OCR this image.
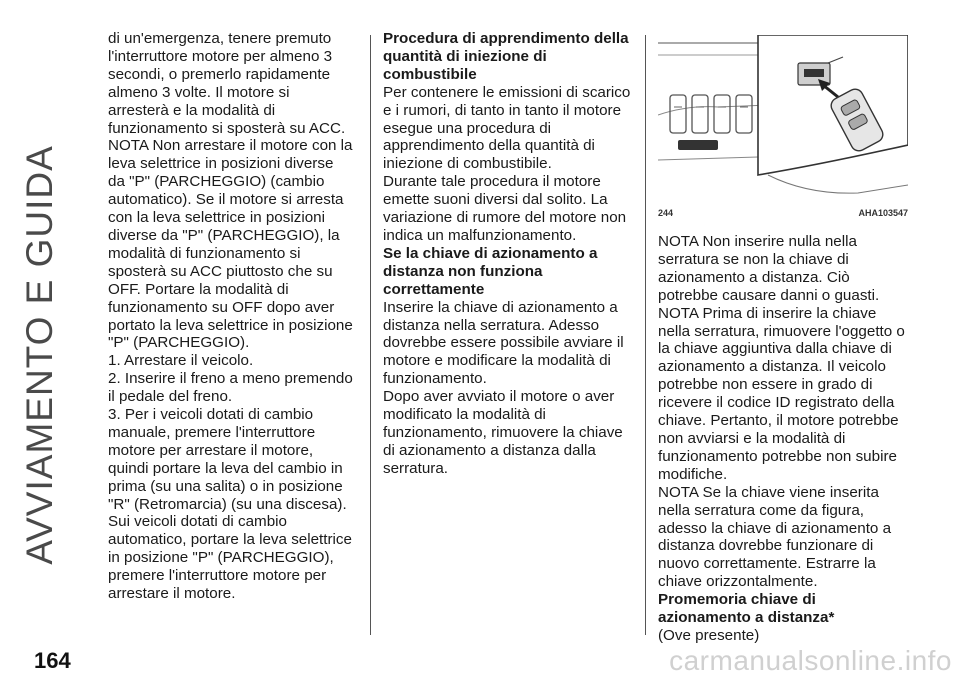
AVVIAMENTO E GUIDA

di un'emergenza, tenere premuto l'interruttore motore per almeno 3 secondi, o premerlo rapidamente almeno 3 volte. Il motore si arresterà e la modalità di funzionamento si sposterà su ACC.

NOTA Non arrestare il motore con la leva selettrice in posizioni diverse da "P" (PARCHEGGIO) (cambio automatico). Se il motore si arresta con la leva selettrice in posizioni diverse da "P" (PARCHEGGIO), la modalità di funzionamento si sposterà su ACC piuttosto che su OFF. Portare la modalità di funzionamento su OFF dopo aver portato la leva selettrice in posizione "P" (PARCHEGGIO).

1. Arrestare il veicolo.

2. Inserire il freno a meno premendo il pedale del freno.

3. Per i veicoli dotati di cambio manuale, premere l'interruttore motore per arrestare il motore, quindi portare la leva del cambio in prima (su una salita) o in posizione "R" (Retromarcia) (su una discesa). Sui veicoli dotati di cambio automatico, portare la leva selettrice in posizione "P" (PARCHEGGIO), premere l'interruttore motore per arrestare il motore.

Procedura di apprendimento della quantità di iniezione di combustibile

Per contenere le emissioni di scarico e i rumori, di tanto in tanto il motore esegue una procedura di apprendimento della quantità di iniezione di combustibile.

Durante tale procedura il motore emette suoni diversi dal solito. La variazione di rumore del motore non indica un malfunzionamento.

Se la chiave di azionamento a distanza non funziona correttamente

Inserire la chiave di azionamento a distanza nella serratura. Adesso dovrebbe essere possibile avviare il motore e modificare la modalità di funzionamento.

Dopo aver avviato il motore o aver modificato la modalità di funzionamento, rimuovere la chiave di azionamento a distanza dalla serratura.

244	AHA103547

NOTA Non inserire nulla nella serratura se non la chiave di azionamento a distanza. Ciò potrebbe causare danni o guasti.

NOTA Prima di inserire la chiave nella serratura, rimuovere l'oggetto o la chiave aggiuntiva dalla chiave di azionamento a distanza. Il veicolo potrebbe non essere in grado di ricevere il codice ID registrato della chiave. Pertanto, il motore potrebbe non avviarsi e la modalità di funzionamento potrebbe non subire modifiche.

NOTA Se la chiave viene inserita nella serratura come da figura, adesso la chiave di azionamento a distanza dovrebbe funzionare di nuovo correttamente. Estrarre la chiave orizzontalmente.

Promemoria chiave di azionamento a distanza*

(Ove presente)

164	carmanualsonline.info
